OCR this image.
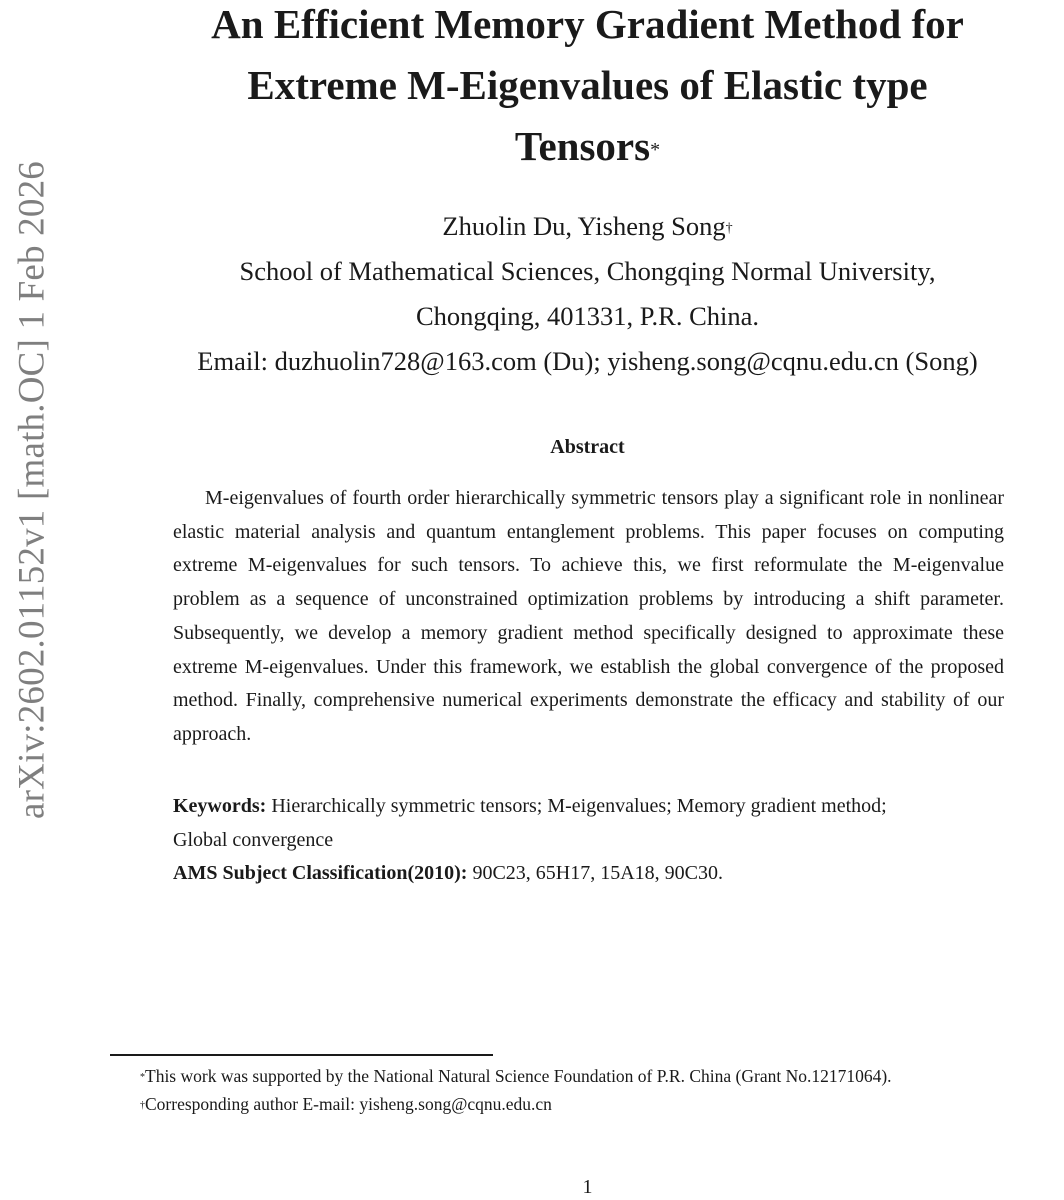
arXiv:2602.01152v1 [math.OC] 1 Feb 2026
An Efficient Memory Gradient Method for
Extreme M-Eigenvalues of Elastic type
Tensors*
Zhuolin Du, Yisheng Song†
School of Mathematical Sciences, Chongqing Normal University,
Chongqing, 401331, P.R. China.
Email: duzhuolin728@163.com (Du); yisheng.song@cqnu.edu.cn (Song)
Abstract

M-eigenvalues of fourth order hierarchically symmetric tensors play a significant role in nonlinear elastic material analysis and quantum entanglement problems. This paper focuses on computing extreme M-eigenvalues for such tensors. To achieve this, we first reformulate the M-eigenvalue problem as a sequence of unconstrained optimization problems by introducing a shift parameter. Subsequently, we develop a memory gradient method specifically designed to approximate these extreme M-eigenvalues. Under this framework, we establish the global convergence of the proposed method. Finally, comprehensive numerical experiments demonstrate the efficacy and stability of our approach.

Keywords: Hierarchically symmetric tensors; M-eigenvalues; Memory gradient method;
Global convergence
AMS Subject Classification(2010): 90C23, 65H17, 15A18, 90C30.

*This work was supported by the National Natural Science Foundation of P.R. China (Grant No.12171064).

†Corresponding author E-mail: yisheng.song@cqnu.edu.cn

1
